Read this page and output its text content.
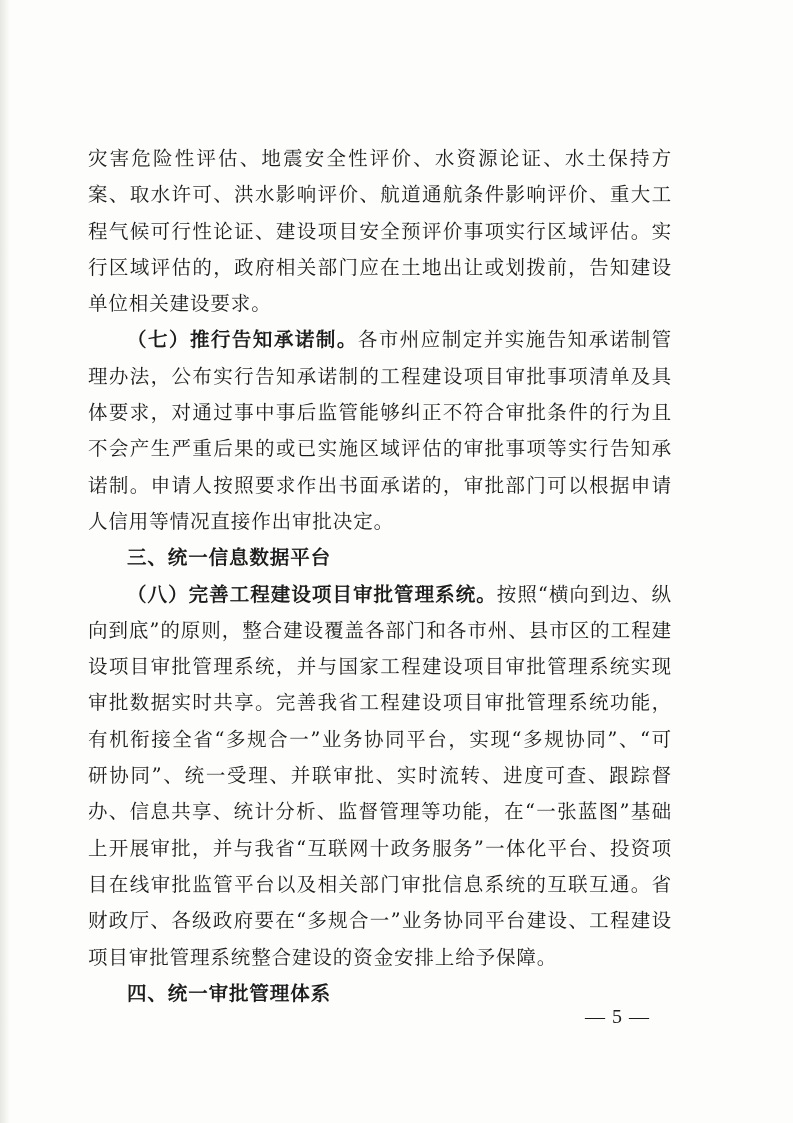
灾害危险性评估、地震安全性评价、水资源论证、水土保持方案、取水许可、洪水影响评价、航道通航条件影响评价、重大工程气候可行性论证、建设项目安全预评价事项实行区域评估。实行区域评估的，政府相关部门应在土地出让或划拨前，告知建设单位相关建设要求。

（七）推行告知承诺制。各市州应制定并实施告知承诺制管理办法，公布实行告知承诺制的工程建设项目审批事项清单及具体要求，对通过事中事后监管能够纠正不符合审批条件的行为且不会产生严重后果的或已实施区域评估的审批事项等实行告知承诺制。申请人按照要求作出书面承诺的，审批部门可以根据申请人信用等情况直接作出审批决定。

三、统一信息数据平台

（八）完善工程建设项目审批管理系统。按照“横向到边、纵向到底”的原则，整合建设覆盖各部门和各市州、县市区的工程建设项目审批管理系统，并与国家工程建设项目审批管理系统实现审批数据实时共享。完善我省工程建设项目审批管理系统功能，有机衔接全省“多规合一”业务协同平台，实现“多规协同”、“可研协同”、统一受理、并联审批、实时流转、进度可查、跟踪督办、信息共享、统计分析、监督管理等功能，在“一张蓝图”基础上开展审批，并与我省“互联网十政务服务”一体化平台、投资项目在线审批监管平台以及相关部门审批信息系统的互联互通。省财政厅、各级政府要在“多规合一”业务协同平台建设、工程建设项目审批管理系统整合建设的资金安排上给予保障。

四、统一审批管理体系

— 5 —
